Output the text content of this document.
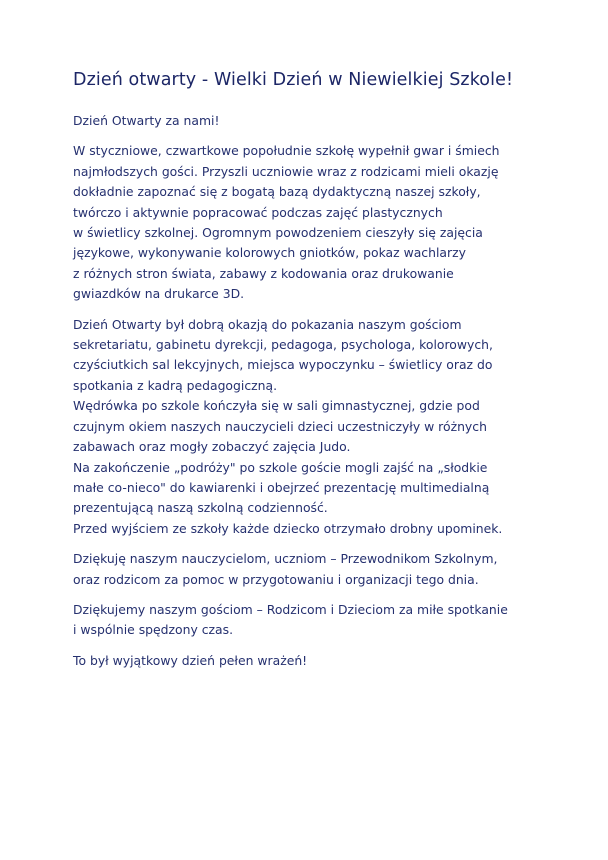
Dzień otwarty - Wielki Dzień w Niewielkiej Szkole!

Dzień Otwarty za nami!

W styczniowe, czwartkowe popołudnie szkołę wypełnił gwar i śmiech
najmłodszych gości. Przyszli uczniowie wraz z rodzicami mieli okazję
dokładnie zapoznać się z bogatą bazą dydaktyczną naszej szkoły,
twórczo i aktywnie popracować podczas zajęć plastycznych
w świetlicy szkolnej. Ogromnym powodzeniem cieszyły się zajęcia
językowe, wykonywanie kolorowych gniotków, pokaz wachlarzy
z różnych stron świata, zabawy z kodowania oraz drukowanie
gwiazdków na drukarce 3D.

Dzień Otwarty był dobrą okazją do pokazania naszym gościom
sekretariatu, gabinetu dyrekcji, pedagoga, psychologa, kolorowych,
czyściutkich sal lekcyjnych, miejsca wypoczynku – świetlicy oraz do
spotkania z kadrą pedagogiczną.
Wędrówka po szkole kończyła się w sali gimnastycznej, gdzie pod
czujnym okiem naszych nauczycieli dzieci uczestniczyły w różnych
zabawach oraz mogły zobaczyć zajęcia Judo.
Na zakończenie „podróży" po szkole goście mogli zajść na „słodkie
małe co-nieco" do kawiarenki i obejrzeć prezentację multimedialną
prezentującą naszą szkolną codzienność.
Przed wyjściem ze szkoły każde dziecko otrzymało drobny upominek.

Dziękuję naszym nauczycielom, uczniom – Przewodnikom Szkolnym,
oraz rodzicom za pomoc w przygotowaniu i organizacji tego dnia.

Dziękujemy naszym gościom – Rodzicom i Dzieciom za miłe spotkanie
i wspólnie spędzony czas.

To był wyjątkowy dzień pełen wrażeń!
